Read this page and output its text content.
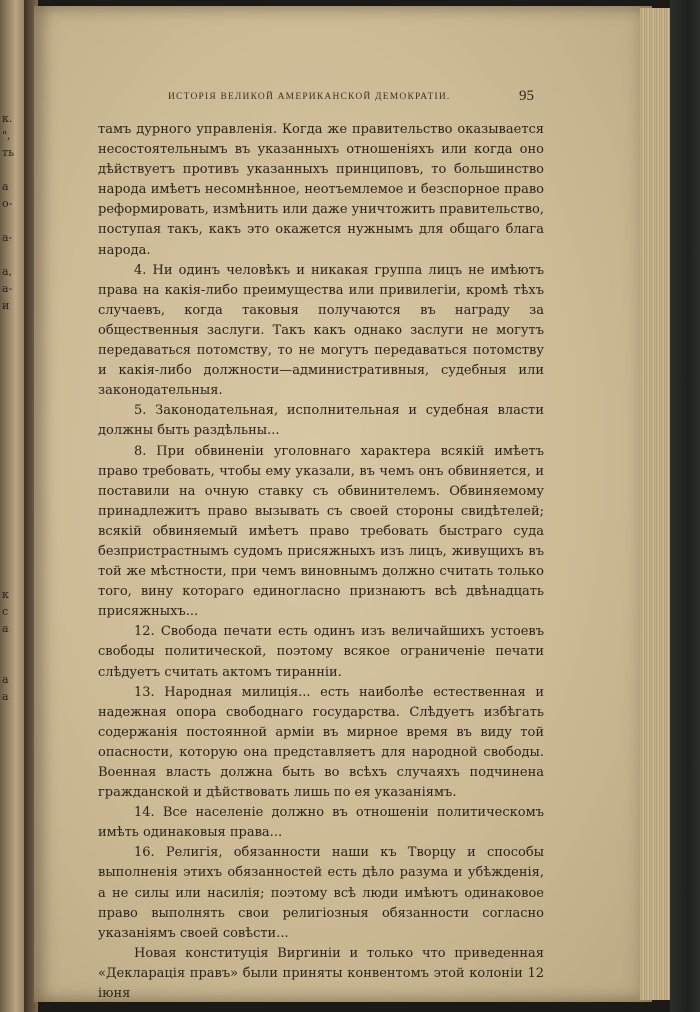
к.
",
ть

а
о-

а-

а,
а-
и

к
с
а

а
а
ИСТОРIЯ ВЕЛИКОЙ АМЕРИКАНСКОЙ ДЕМОКРАТIИ.	95

тамъ дурного управленiя. Когда же правительство оказывается несостоятельнымъ въ указанныхъ отношенiяхъ или когда оно дѣйствуетъ противъ указанныхъ принциповъ, то большинство народа имѣетъ несомнѣнное, неотъемлемое и безспорное право реформировать, измѣнить или даже уничтожить правительство, поступая такъ, какъ это окажется нужнымъ для общаго блага народа.

4. Ни одинъ человѣкъ и никакая группа лицъ не имѣютъ права на какiя-либо преимущества или привилегiи, кромѣ тѣхъ случаевъ, когда таковыя получаются въ награду за общественныя заслуги. Такъ какъ однако заслуги не могутъ передаваться потомству, то не могутъ передаваться потомству и какiя-либо должности—административныя, судебныя или законодательныя.

5. Законодательная, исполнительная и судебная власти должны быть раздѣльны...

8. При обвиненiи уголовнаго характера всякiй имѣетъ право требовать, чтобы ему указали, въ чемъ онъ обвиняется, и поставили на очную ставку съ обвинителемъ. Обвиняемому принадлежитъ право вызывать съ своей стороны свидѣтелей; всякiй обвиняемый имѣетъ право требовать быстраго суда безпристрастнымъ судомъ присяжныхъ изъ лицъ, живущихъ въ той же мѣстности, при чемъ виновнымъ должно считать только того, вину котораго единогласно признаютъ всѣ двѣнадцать присяжныхъ...

12. Свобода печати есть одинъ изъ величайшихъ устоевъ свободы политической, поэтому всякое ограниченiе печати слѣдуетъ считать актомъ тираннiи.

13. Народная милицiя... есть наиболѣе естественная и надежная опора свободнаго государства. Слѣдуетъ избѣгать содержанiя постоянной армiи въ мирное время въ виду той опасности, которую она представляетъ для народной свободы. Военная власть должна быть во всѣхъ случаяхъ подчинена гражданской и дѣйствовать лишь по ея указанiямъ.

14. Все населенiе должно въ отношенiи политическомъ имѣть одинаковыя права...

16. Религiя, обязанности наши къ Творцу и способы выполненiя этихъ обязанностей есть дѣло разума и убѣжденiя, а не силы или насилiя; поэтому всѣ люди имѣютъ одинаковое право выполнять свои религiозныя обязанности согласно указанiямъ своей совѣсти...

Новая конституцiя Виргинiи и только что приведенная «Декларацiя правъ» были приняты конвентомъ этой колонiи 12 iюня
